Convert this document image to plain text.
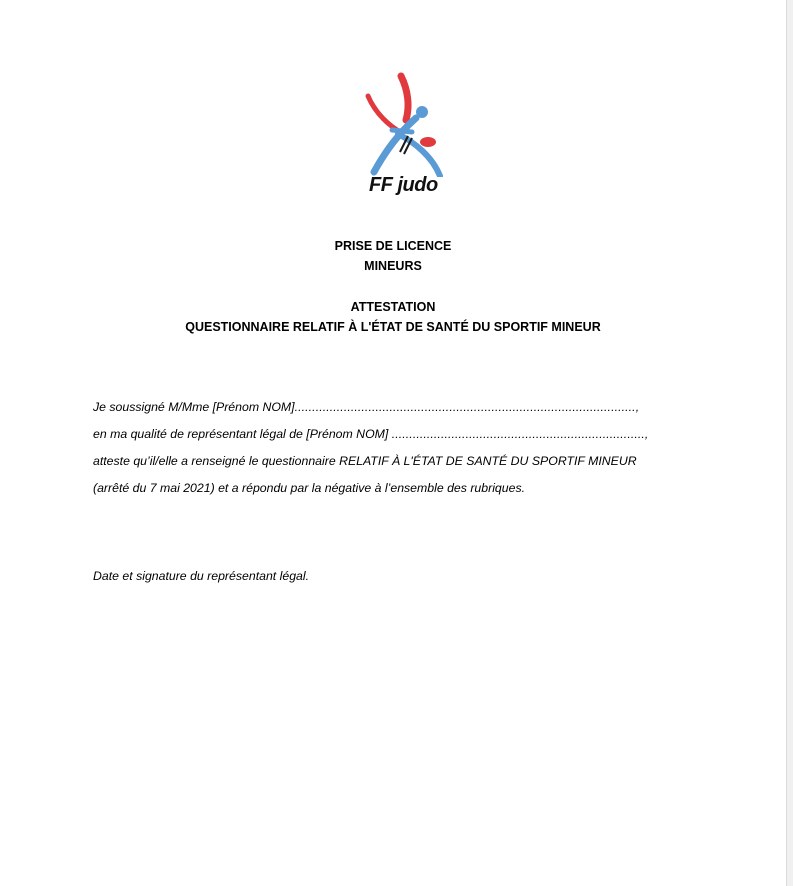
FF judo
PRISE DE LICENCE
MINEURS
ATTESTATION
QUESTIONNAIRE RELATIF À L'ÉTAT DE SANTÉ DU SPORTIF MINEUR
Je soussigné M/Mme [Prénom NOM].................................................................................................,
en ma qualité de représentant légal de [Prénom NOM] ........................................................................,
atteste qu’il/elle a renseigné le questionnaire RELATIF À L'ÉTAT DE SANTÉ DU SPORTIF MINEUR
(arrêté du 7 mai 2021) et a répondu par la négative à l’ensemble des rubriques.
Date et signature du représentant légal.
